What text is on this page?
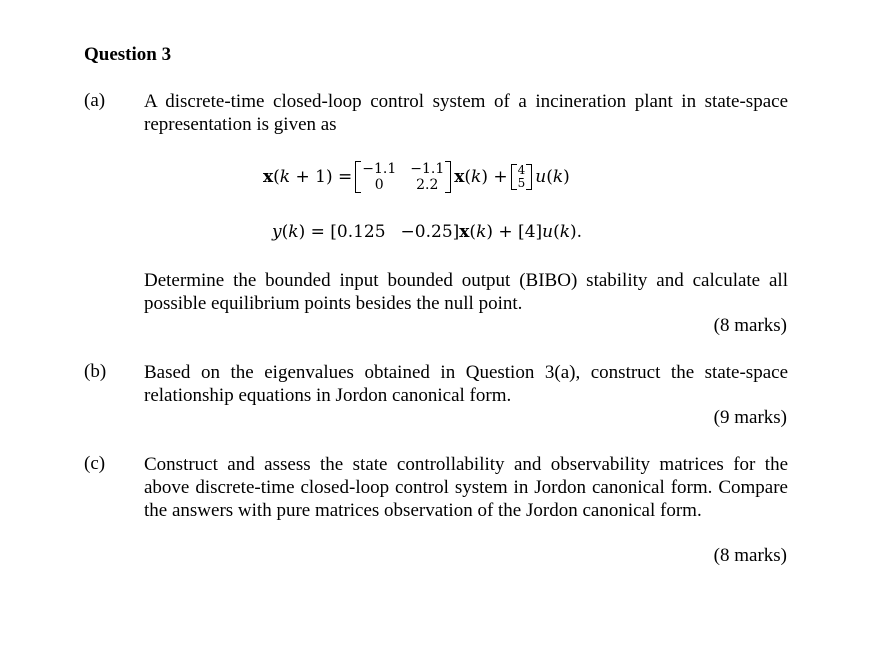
Question 3
(a) A discrete-time closed-loop control system of a incineration plant in state-space representation is given as
x (k + 1) = −1.1 −1.1
0	2.2 x(k) + 4
5 u (k)
y ( k ) = [0.125 −0.25] x ( k ) + [4] u ( k ).
Determine the bounded input bounded output (BIBO) stability and calculate all possible equilibrium points besides the null point.
(8 marks)
(b) Based on the eigenvalues obtained in Question 3(a), construct the state-space relationship equations in Jordon canonical form.
(9 marks)
(c) Construct and assess the state controllability and observability matrices for the above discrete-time closed-loop control system in Jordon canonical form. Compare the answers with pure matrices observation of the Jordon canonical form.
(8 marks)
